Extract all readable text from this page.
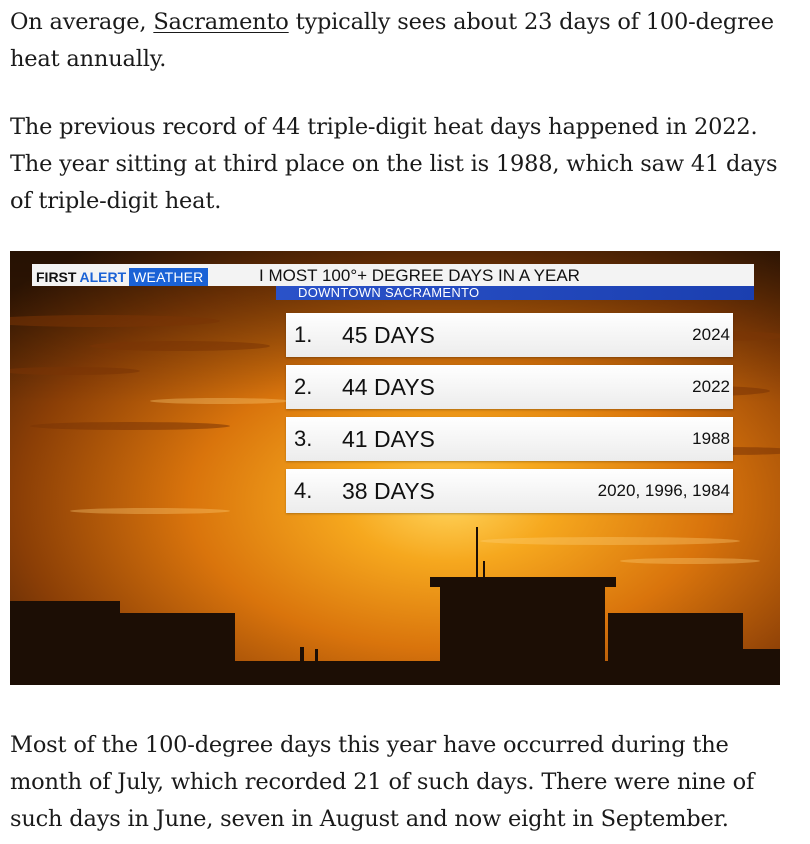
On average, Sacramento typically sees about 23 days of 100-degree heat annually.

The previous record of 44 triple-digit heat days happened in 2022. The year sitting at third place on the list is 1988, which saw 41 days of triple-digit heat.

FIRST ALERT WEATHER	I MOST 100°+ DEGREE DAYS IN A YEAR
DOWNTOWN SACRAMENTO
1. 45 DAYS	2024
2. 44 DAYS	2022
3. 41 DAYS	1988
4. 38 DAYS	2020, 1996, 1984

Most of the 100-degree days this year have occurred during the month of July, which recorded 21 of such days. There were nine of such days in June, seven in August and now eight in September.
